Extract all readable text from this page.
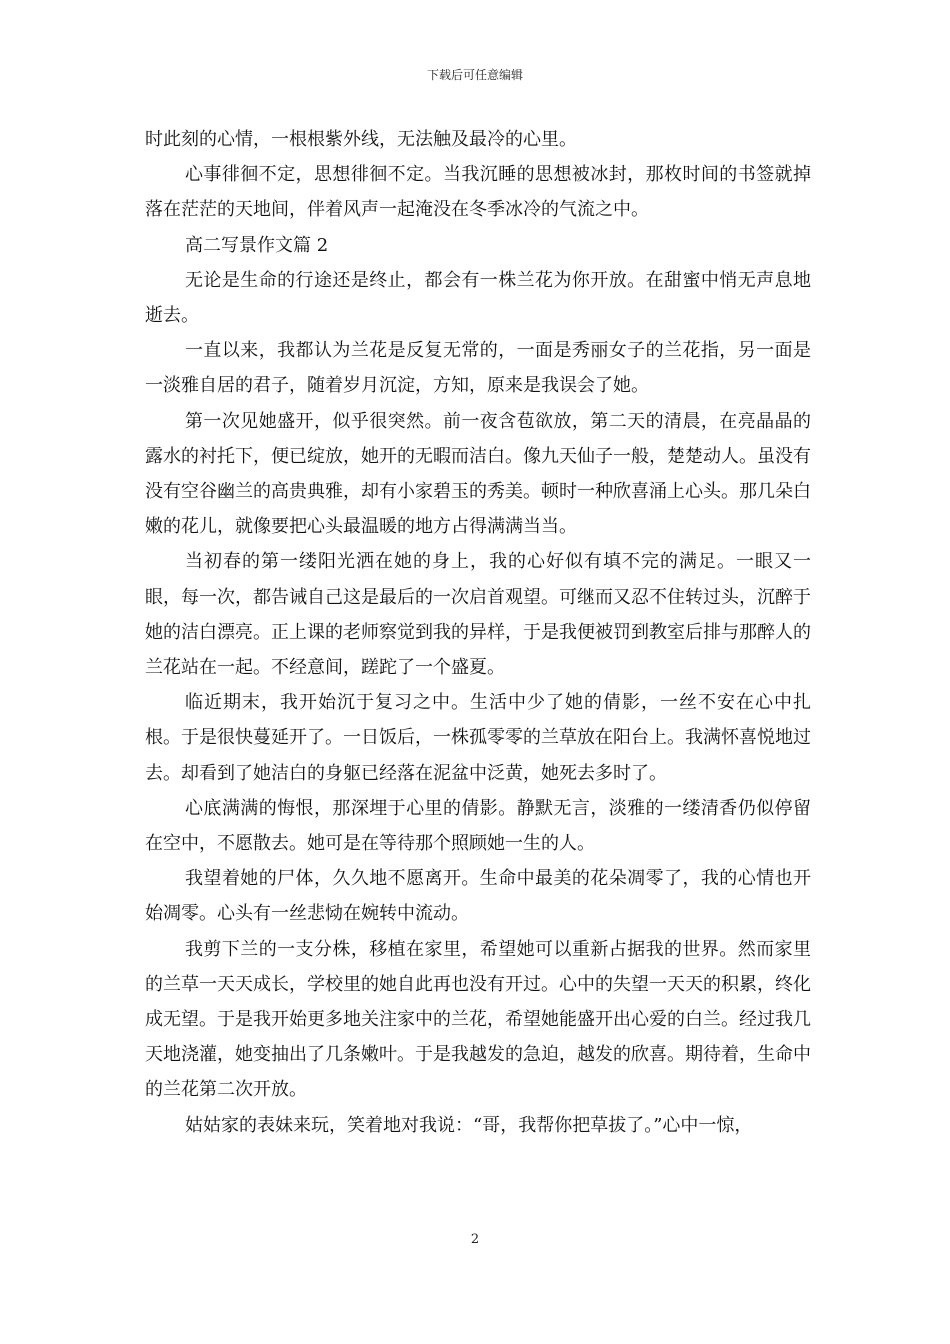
下载后可任意编辑

时此刻的心情，一根根紫外线，无法触及最冷的心里。

心事徘徊不定，思想徘徊不定。当我沉睡的思想被冰封，那枚时间的书签就掉落在茫茫的天地间，伴着风声一起淹没在冬季冰冷的气流之中。

高二写景作文篇 2

无论是生命的行途还是终止，都会有一株兰花为你开放。在甜蜜中悄无声息地逝去。

一直以来，我都认为兰花是反复无常的，一面是秀丽女子的兰花指，另一面是一淡雅自居的君子，随着岁月沉淀，方知，原来是我误会了她。

第一次见她盛开，似乎很突然。前一夜含苞欲放，第二天的清晨，在亮晶晶的露水的衬托下，便已绽放，她开的无暇而洁白。像九天仙子一般，楚楚动人。虽没有没有空谷幽兰的高贵典雅，却有小家碧玉的秀美。顿时一种欣喜涌上心头。那几朵白嫩的花儿，就像要把心头最温暖的地方占得满满当当。

当初春的第一缕阳光洒在她的身上，我的心好似有填不完的满足。一眼又一眼，每一次，都告诫自己这是最后的一次启首观望。可继而又忍不住转过头，沉醉于她的洁白漂亮。正上课的老师察觉到我的异样，于是我便被罚到教室后排与那醉人的兰花站在一起。不经意间，蹉跎了一个盛夏。

临近期末，我开始沉于复习之中。生活中少了她的倩影，一丝不安在心中扎根。于是很快蔓延开了。一日饭后，一株孤零零的兰草放在阳台上。我满怀喜悦地过去。却看到了她洁白的身躯已经落在泥盆中泛黄，她死去多时了。

心底满满的悔恨，那深埋于心里的倩影。静默无言，淡雅的一缕清香仍似停留在空中，不愿散去。她可是在等待那个照顾她一生的人。

我望着她的尸体，久久地不愿离开。生命中最美的花朵凋零了，我的心情也开始凋零。心头有一丝悲恸在婉转中流动。

我剪下兰的一支分株，移植在家里，希望她可以重新占据我的世界。然而家里的兰草一天天成长，学校里的她自此再也没有开过。心中的失望一天天的积累，终化成无望。于是我开始更多地关注家中的兰花，希望她能盛开出心爱的白兰。经过我几天地浇灌，她变抽出了几条嫩叶。于是我越发的急迫，越发的欣喜。期待着，生命中的兰花第二次开放。

姑姑家的表妹来玩，笑着地对我说：“哥，我帮你把草拔了。”心中一惊，

2
